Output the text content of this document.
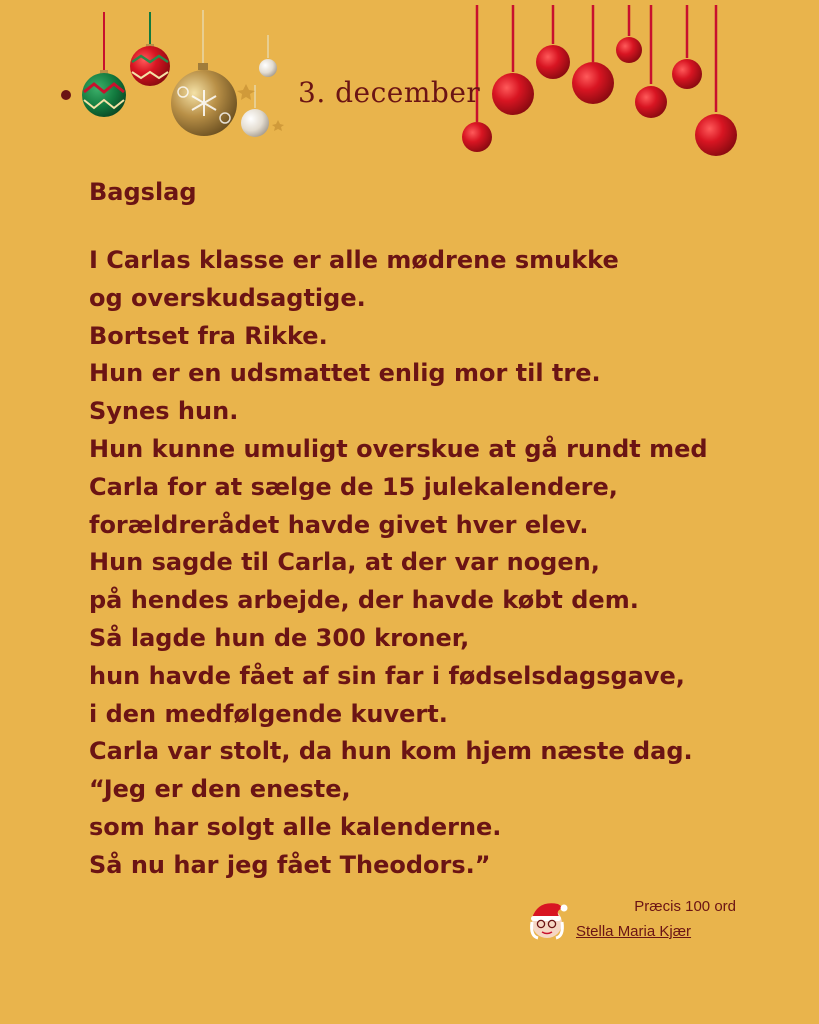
3. december
Bagslag
I Carlas klasse er alle mødrene smukke
og overskudsagtige.
Bortset fra Rikke.
Hun er en udsmattet enlig mor til tre.
Synes hun.
Hun kunne umuligt overskue at gå rundt med
Carla for at sælge de 15 julekalendere,
forældrerådet havde givet hver elev.
Hun sagde til Carla, at der var nogen,
på hendes arbejde, der havde købt dem.
Så lagde hun de 300 kroner,
hun havde fået af sin far i fødselsdagsgave,
i den medfølgende kuvert.
Carla var stolt, da hun kom hjem næste dag.
“Jeg er den eneste,
som har solgt alle kalenderne.
Så nu har jeg fået Theodors.”
Præcis 100 ord
Stella Maria Kjær
